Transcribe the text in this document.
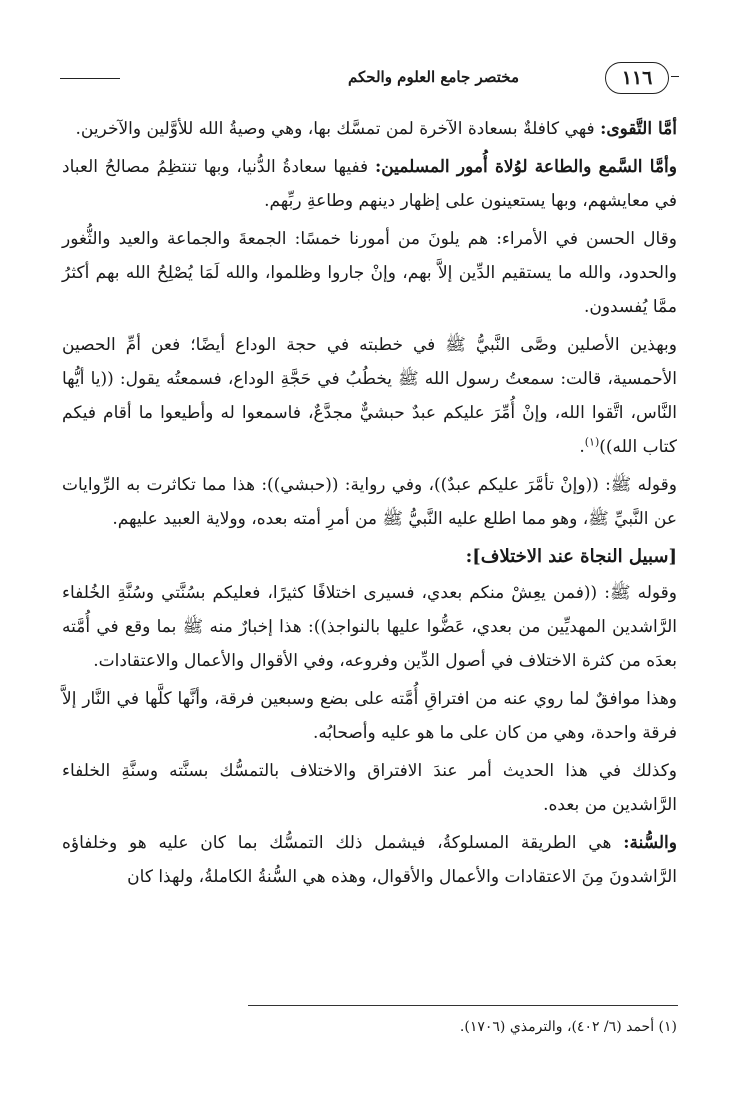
١١٦
مختصر جامع العلوم والحكم

أمَّا التَّقوى: فهي كافلةٌ بسعادة الآخرة لمن تمسَّك بها، وهي وصيةُ الله للأوَّلين والآخرين.

وأمَّا السَّمع والطاعة لوُلاة أُمور المسلمين: ففيها سعادةُ الدُّنيا، وبها تنتظِمُ مصالحُ العباد في معايشهم، وبها يستعينون على إظهار دينهم وطاعةِ ربِّهم.

وقال الحسن في الأمراء: هم يلونَ من أمورنا خمسًا: الجمعةَ والجماعة والعيد والثُّغور والحدود، والله ما يستقيم الدِّين إلاَّ بهم، وإنْ جاروا وظلموا، والله لَمَا يُصْلِحُ الله بهم أكثرُ ممَّا يُفسدون.

وبهذين الأصلين وصَّى النَّبيُّ ﷺ في خطبته في حجة الوداع أيضًا؛ فعن أمِّ الحصين الأحمسية، قالت: سمعتُ رسول الله ﷺ يخطُبُ في حَجَّةِ الوداع، فسمعتُه يقول: ((يا أيُّها النَّاس، اتَّقوا الله، وإنْ أُمِّرَ عليكم عبدٌ حبشيٌّ مجدَّعٌ، فاسمعوا له وأطيعوا ما أقام فيكم كتاب الله))$^{(١)}$.

وقوله ﷺ: ((وإنْ تأمَّرَ عليكم عبدٌ))، وفي رواية: ((حبشي)): هذا مما تكاثرت به الرِّوايات عن النَّبيِّ ﷺ، وهو مما اطلع عليه النَّبيُّ ﷺ من أمرِ أمته بعده، وولاية العبيد عليهم.

[سبيل النجاة عند الاختلاف]:

وقوله ﷺ: ((فمن يعِشْ منكم بعدي، فسيرى اختلافًا كثيرًا، فعليكم بسُنَّتي وسُنَّةِ الخُلفاء الرَّاشدين المهديِّين من بعدي، عَضُّوا عليها بالنواجذ)): هذا إخبارٌ منه ﷺ بما وقع في أُمَّته بعدَه من كثرة الاختلاف في أصول الدِّين وفروعه، وفي الأقوال والأعمال والاعتقادات.

وهذا موافقٌ لما روي عنه من افتراقِ أُمَّته على بضع وسبعين فرقة، وأنَّها كلَّها في النَّار إلاَّ فرقة واحدة، وهي من كان على ما هو عليه وأصحابُه.

وكذلك في هذا الحديث أمر عندَ الافتراق والاختلاف بالتمسُّك بسنَّته وسنَّةِ الخلفاء الرَّاشدين من بعده.

والسُّنة: هي الطريقة المسلوكةُ، فيشمل ذلك التمسُّك بما كان عليه هو وخلفاؤه الرَّاشدونَ مِنَ الاعتقادات والأعمال والأقوال، وهذه هي السُّنةُ الكاملةُ، ولهذا كان

(١) أحمد (٦/ ٤٠٢)، والترمذي (١٧٠٦).
